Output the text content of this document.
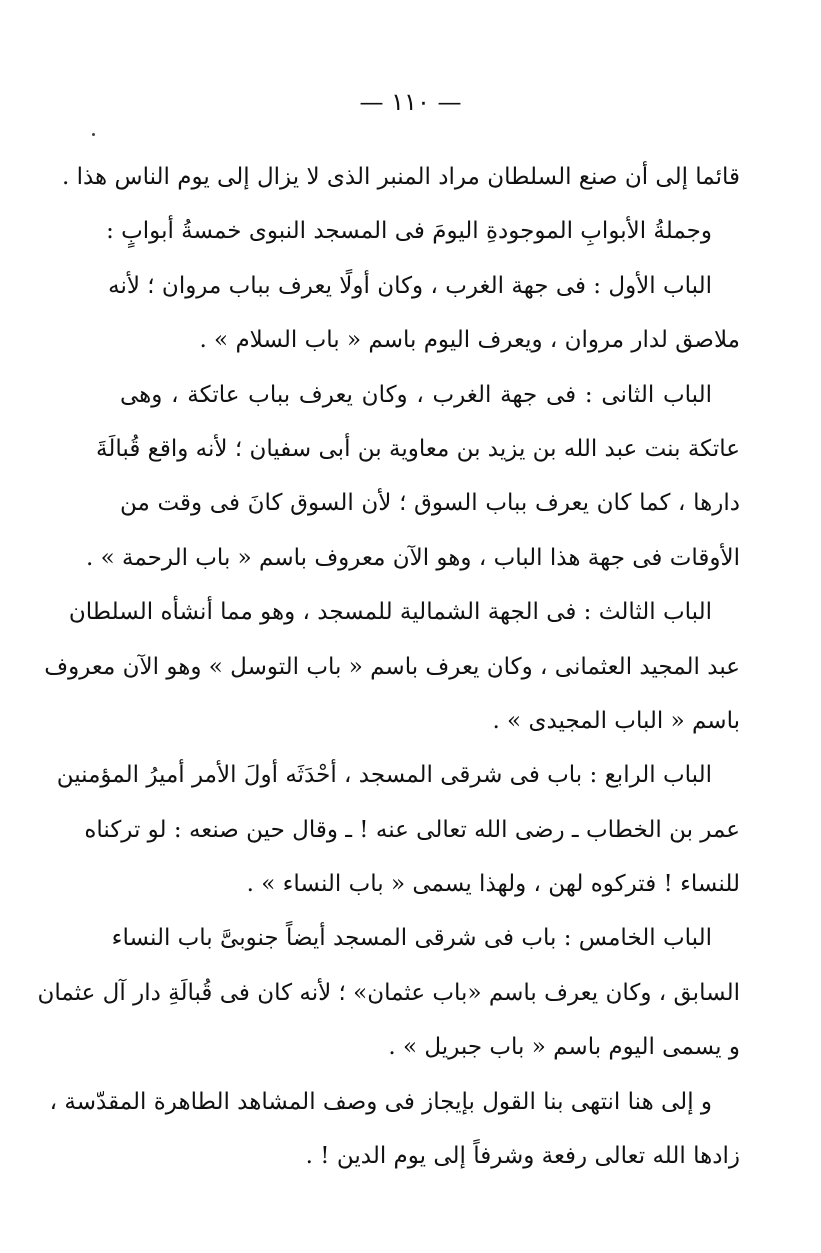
— ١١٠ —
قائما إلى أن صنع السلطان مراد المنبر الذى لا يزال إلى يوم الناس هذا .
وجملةُ الأبوابِ الموجودةِ اليومَ فى المسجد النبوى خمسةُ أبوابٍ :
الباب الأول : فى جهة الغرب ، وكان أولًا يعرف بباب مروان ؛ لأنه
ملاصق لدار مروان ، ويعرف اليوم باسم « باب السلام » .
الباب الثانى : فى جهة الغرب ، وكان يعرف بباب عاتكة ، وهى
عاتكة بنت عبد الله بن يزيد بن معاوية بن أبى سفيان ؛ لأنه واقع قُبالَةَ
دارها ، كما كان يعرف بباب السوق ؛ لأن السوق كانَ فى وقت من
الأوقات فى جهة هذا الباب ، وهو الآن معروف باسم « باب الرحمة » .
الباب الثالث : فى الجهة الشمالية للمسجد ، وهو مما أنشأه السلطان
عبد المجيد العثمانى ، وكان يعرف باسم « باب التوسل » وهو الآن معروف
باسم « الباب المجيدى » .
الباب الرابع : باب فى شرقى المسجد ، أحْدَثَه أولَ الأمر أميرُ المؤمنين
عمر بن الخطاب ـ رضى الله تعالى عنه ! ـ وقال حين صنعه : لو تركناه
للنساء ! فتركوه لهن ، ولهذا يسمى « باب النساء » .
الباب الخامس : باب فى شرقى المسجد أيضاً جنوبىَّ باب النساء
السابق ، وكان يعرف باسم «باب عثمان» ؛ لأنه كان فى قُبالَةِ دار آل عثمان
و يسمى اليوم باسم « باب جبريل » .
و إلى هنا انتهى بنا القول بإيجاز فى وصف المشاهد الطاهرة المقدّسة ،
زادها الله تعالى رفعة وشرفاً إلى يوم الدين ! .
